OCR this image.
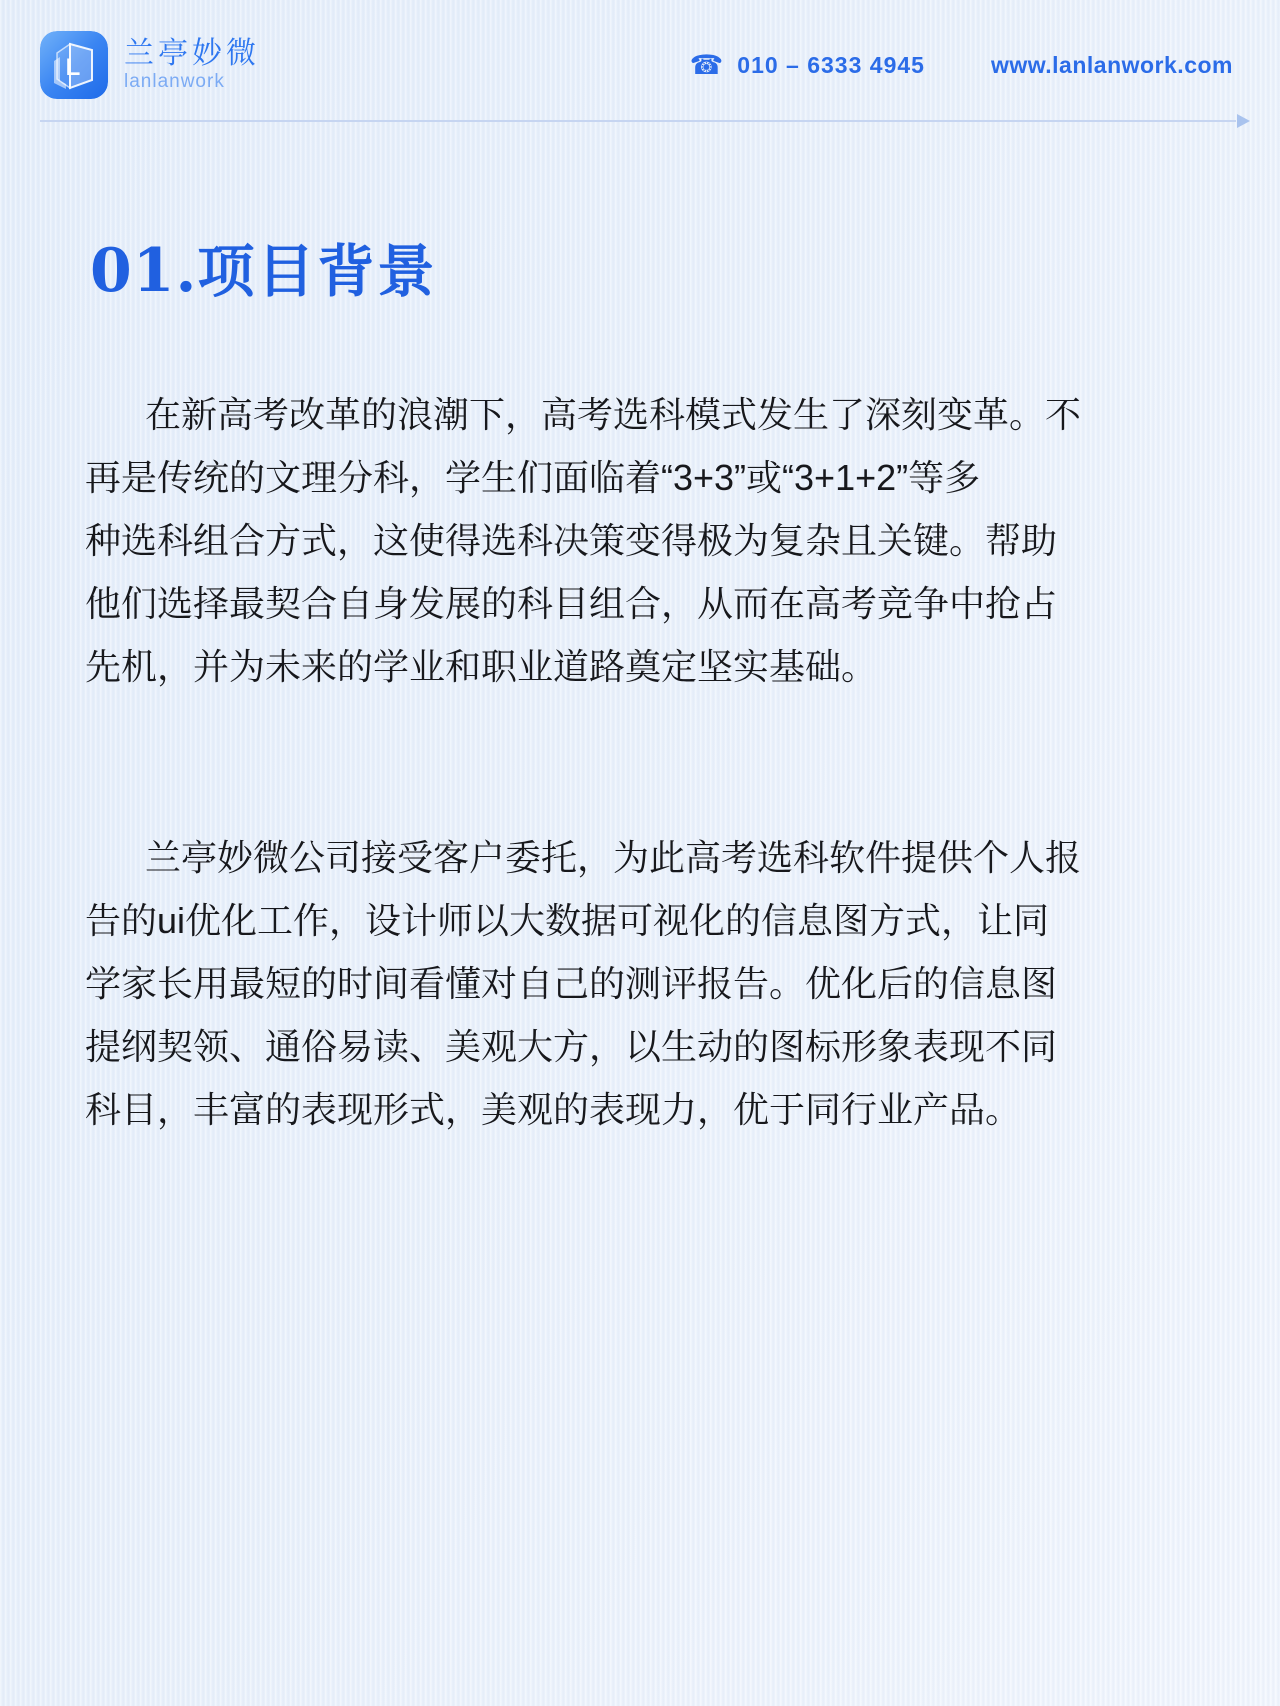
L 兰亭妙微
lanlanwork
☎ 010 – 6333 4945	www.lanlanwork.com
01.项目背景
在新高考改革的浪潮下，高考选科模式发生了深刻变革。不
再是传统的文理分科，学生们面临着“3+3”或“3+1+2”等多
种选科组合方式，这使得选科决策变得极为复杂且关键。帮助
他们选择最契合自身发展的科目组合，从而在高考竞争中抢占
先机，并为未来的学业和职业道路奠定坚实基础。
兰亭妙微公司接受客户委托，为此高考选科软件提供个人报
告的ui优化工作，设计师以大数据可视化的信息图方式，让同
学家长用最短的时间看懂对自己的测评报告。优化后的信息图
提纲契领、通俗易读、美观大方，以生动的图标形象表现不同
科目，丰富的表现形式，美观的表现力，优于同行业产品。
